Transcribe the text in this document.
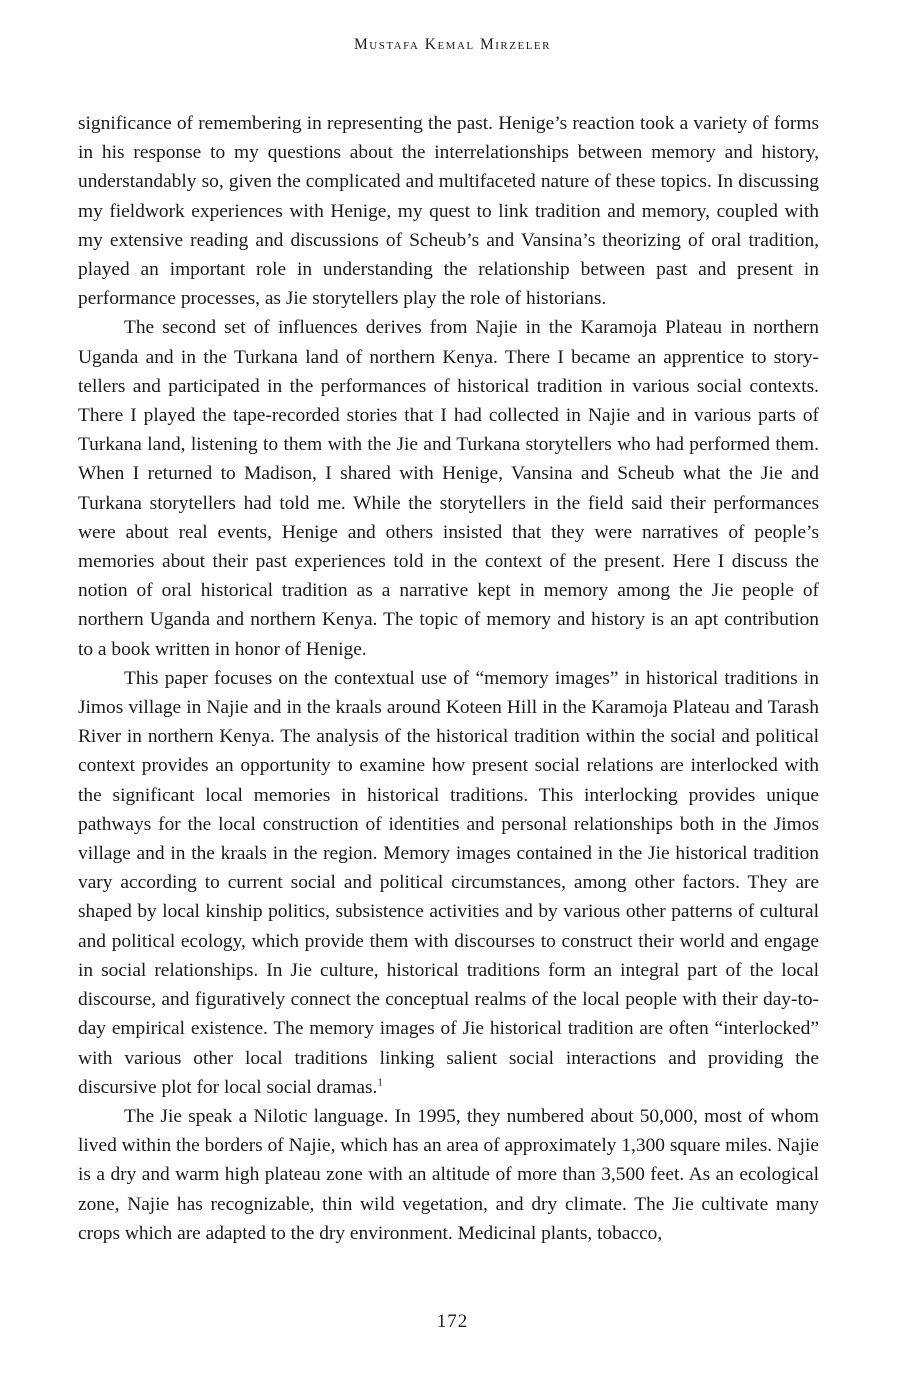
Mustafa Kemal Mirzeler

significance of remembering in representing the past. Henige’s reaction took a variety of forms in his response to my questions about the interrelationships between memory and history, understandably so, given the complicated and multifaceted nature of these topics. In discussing my fieldwork experiences with Henige, my quest to link tradition and memory, coupled with my extensive reading and discussions of Scheub’s and Vansina’s theorizing of oral tradition, played an important role in understanding the relationship between past and present in performance processes, as Jie storytellers play the role of historians.

The second set of influences derives from Najie in the Karamoja Plateau in northern Uganda and in the Turkana land of northern Kenya. There I became an apprentice to storytellers and participated in the performances of historical tradition in various social contexts. There I played the tape-recorded stories that I had collected in Najie and in various parts of Turkana land, listening to them with the Jie and Turkana storytellers who had performed them. When I returned to Madison, I shared with Henige, Vansina and Scheub what the Jie and Turkana storytellers had told me. While the storytellers in the field said their performances were about real events, Henige and others insisted that they were narratives of people’s memories about their past experiences told in the context of the present. Here I discuss the notion of oral historical tradition as a narrative kept in memory among the Jie people of northern Uganda and northern Kenya. The topic of memory and history is an apt contribution to a book written in honor of Henige.

This paper focuses on the contextual use of “memory images” in historical traditions in Jimos village in Najie and in the kraals around Koteen Hill in the Karamoja Plateau and Tarash River in northern Kenya. The analysis of the historical tradition within the social and political context provides an opportunity to examine how present social relations are interlocked with the significant local memories in historical traditions. This interlocking provides unique pathways for the local construction of identities and personal relationships both in the Jimos village and in the kraals in the region. Memory images contained in the Jie historical tradition vary according to current social and political circumstances, among other factors. They are shaped by local kinship politics, subsistence activities and by various other patterns of cultural and political ecology, which provide them with discourses to construct their world and engage in social relationships. In Jie culture, historical traditions form an integral part of the local discourse, and figuratively connect the conceptual realms of the local people with their day-to-day empirical existence. The memory images of Jie historical tradition are often “interlocked” with various other local traditions linking salient social interactions and providing the discursive plot for local social dramas.$^1$

The Jie speak a Nilotic language. In 1995, they numbered about 50,000, most of whom lived within the borders of Najie, which has an area of approximately 1,300 square miles. Najie is a dry and warm high plateau zone with an altitude of more than 3,500 feet. As an ecological zone, Najie has recognizable, thin wild vegetation, and dry climate. The Jie cultivate many crops which are adapted to the dry environment. Medicinal plants, tobacco,

172
